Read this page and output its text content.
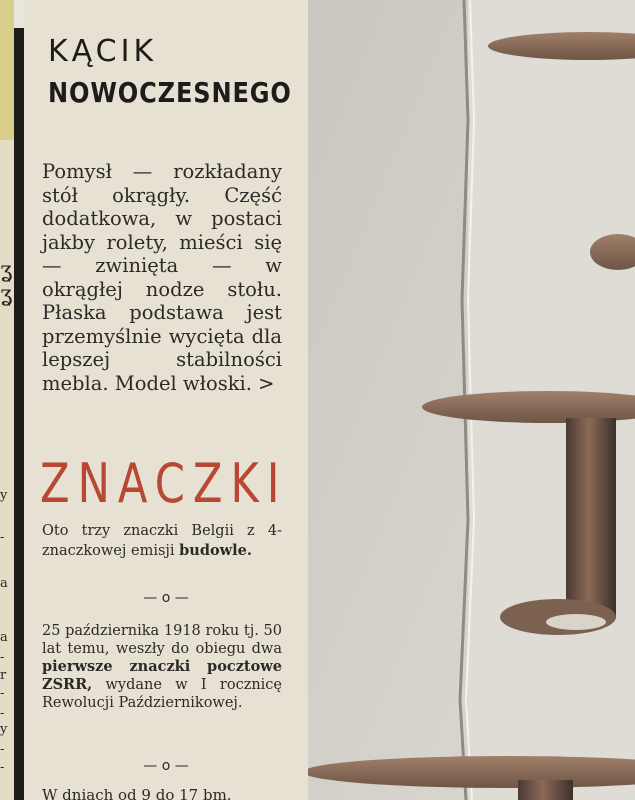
ʓ
ʓ
y
-
a
a
-
r
-
-
y
-
-
KĄCIK
NOWOCZESNEGO
Pomysł — rozkładany stół okrągły. Część dodatkowa, w postaci jakby rolety, mieści się — zwinięta — w okrągłej nodze stołu. Płaska podstawa jest przemyślnie wycięta dla lepszej stabilności mebla. Model włoski. >
ZNACZKI
Oto trzy znaczki Belgii z 4-znaczkowej emisji budowle.
— o —
25 października 1918 roku tj. 50 lat temu, weszły do obiegu dwa pierwsze znaczki pocztowe ZSRR, wydane w I rocznicę Rewolucji Październikowej.
— o —
W dniach od 9 do 17 bm.
